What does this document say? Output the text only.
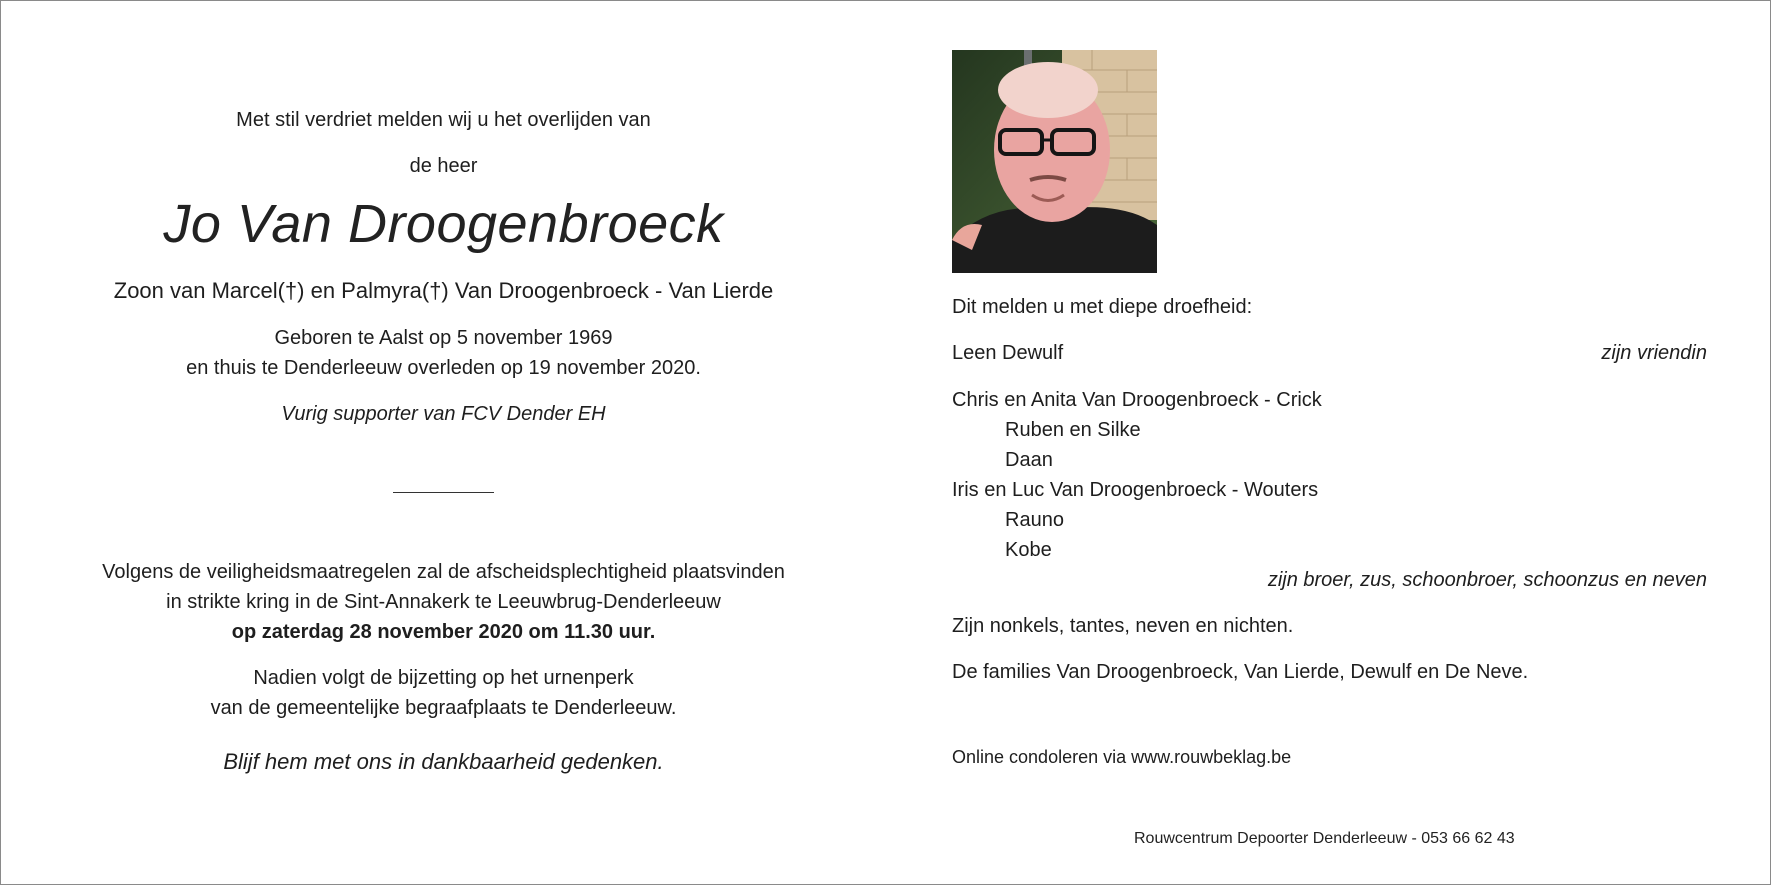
Met stil verdriet melden wij u het overlijden van
de heer
Jo Van Droogenbroeck
Zoon van Marcel(†) en Palmyra(†) Van Droogenbroeck - Van Lierde
Geboren te Aalst op 5 november 1969
en thuis te Denderleeuw overleden op 19 november 2020.
Vurig supporter van FCV Dender EH
Volgens de veiligheidsmaatregelen zal de afscheidsplechtigheid plaatsvinden
in strikte kring in de Sint-Annakerk te Leeuwbrug-Denderleeuw
op zaterdag 28 november 2020 om 11.30 uur.
Nadien volgt de bijzetting op het urnenperk
van de gemeentelijke begraafplaats te Denderleeuw.
Blijf hem met ons in dankbaarheid gedenken.
Dit melden u met diepe droefheid:
Leen Dewulf	zijn vriendin
Chris en Anita Van Droogenbroeck - Crick
Ruben en Silke
Daan
Iris en Luc Van Droogenbroeck - Wouters
Rauno
Kobe
zijn broer, zus, schoonbroer, schoonzus en neven
Zijn nonkels, tantes, neven en nichten.
De families Van Droogenbroeck, Van Lierde, Dewulf en De Neve.
Online condoleren via www.rouwbeklag.be
Rouwcentrum Depoorter Denderleeuw - 053 66 62 43
